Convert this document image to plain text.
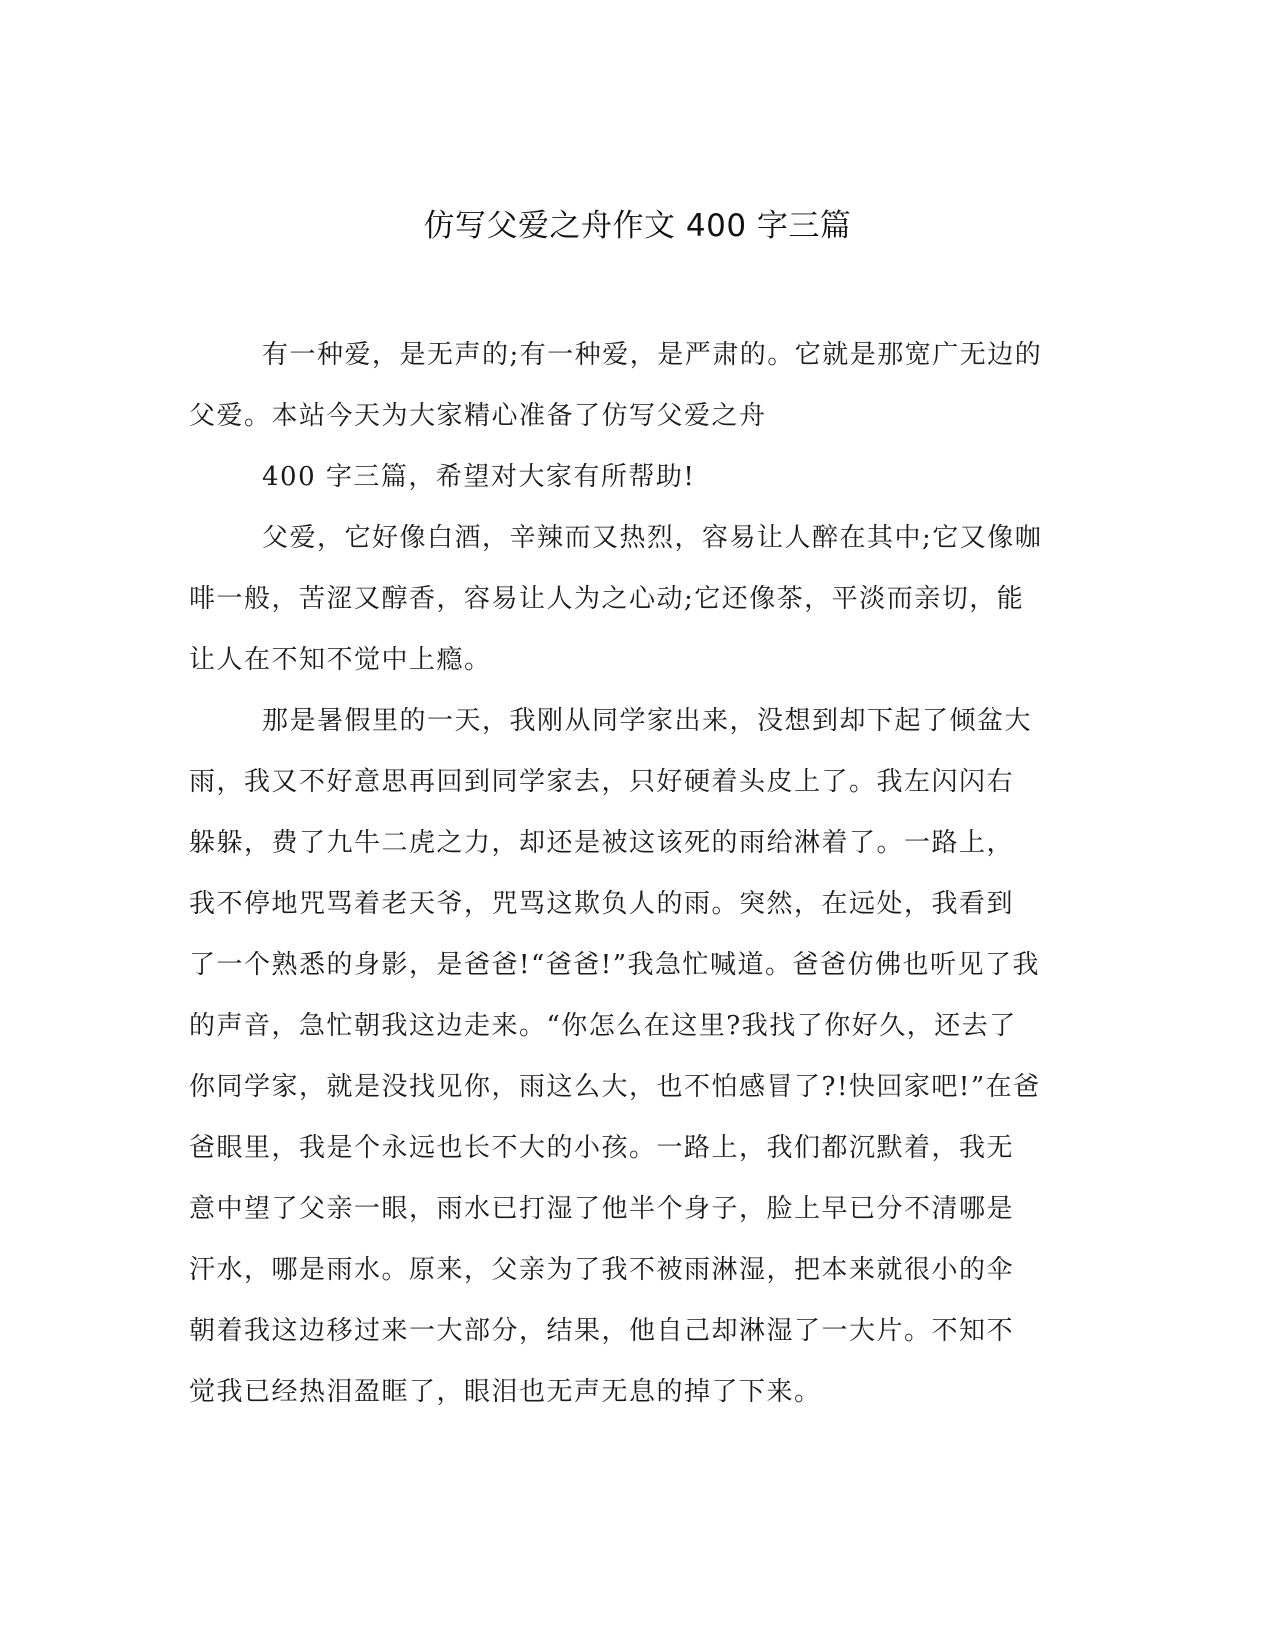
仿写父爱之舟作文 400 字三篇
有一种爱，是无声的;有一种爱，是严肃的。它就是那宽广无边的
父爱。本站今天为大家精心准备了仿写父爱之舟
400 字三篇，希望对大家有所帮助!
父爱，它好像白酒，辛辣而又热烈，容易让人醉在其中;它又像咖
啡一般，苦涩又醇香，容易让人为之心动;它还像茶，平淡而亲切，能
让人在不知不觉中上瘾。
那是暑假里的一天，我刚从同学家出来，没想到却下起了倾盆大
雨，我又不好意思再回到同学家去，只好硬着头皮上了。我左闪闪右
躲躲，费了九牛二虎之力，却还是被这该死的雨给淋着了。一路上，
我不停地咒骂着老天爷，咒骂这欺负人的雨。突然，在远处，我看到
了一个熟悉的身影，是爸爸!“爸爸!”我急忙喊道。爸爸仿佛也听见了我
的声音，急忙朝我这边走来。“你怎么在这里?我找了你好久，还去了
你同学家，就是没找见你，雨这么大，也不怕感冒了?!快回家吧!”在爸
爸眼里，我是个永远也长不大的小孩。一路上，我们都沉默着，我无
意中望了父亲一眼，雨水已打湿了他半个身子，脸上早已分不清哪是
汗水，哪是雨水。原来，父亲为了我不被雨淋湿，把本来就很小的伞
朝着我这边移过来一大部分，结果，他自己却淋湿了一大片。不知不
觉我已经热泪盈眶了，眼泪也无声无息的掉了下来。
